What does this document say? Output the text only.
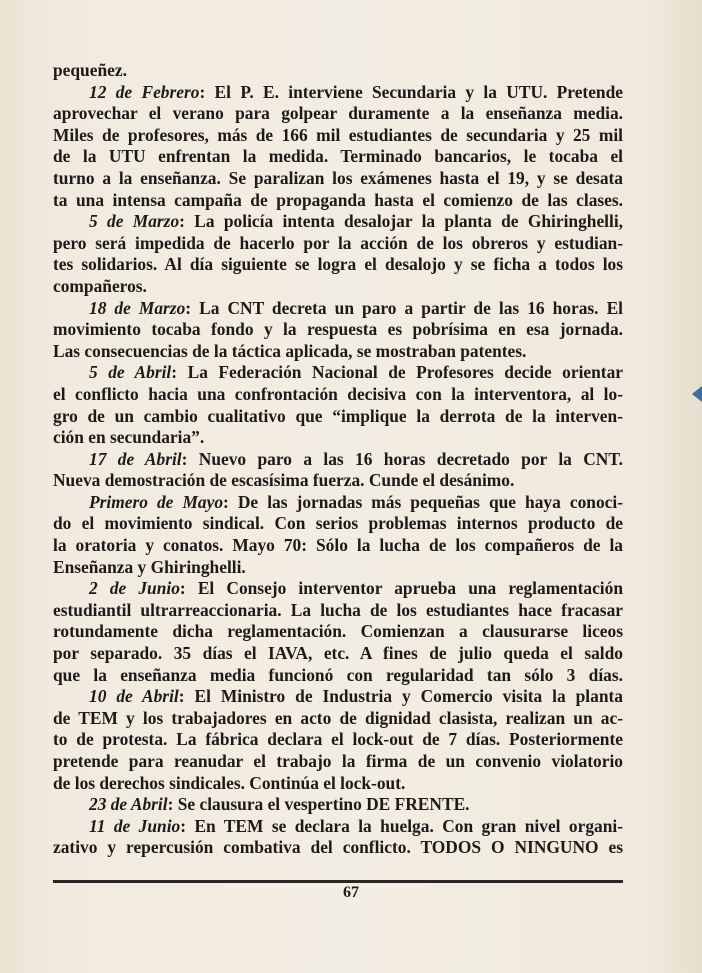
pequeñez.
12 de Febrero: El P. E. interviene Secundaria y la UTU. Pretende
aprovechar el verano para golpear duramente a la enseñanza media.
Miles de profesores, más de 166 mil estudiantes de secundaria y 25 mil
de la UTU enfrentan la medida. Terminado bancarios, le tocaba el
turno a la enseñanza. Se paralizan los exámenes hasta el 19, y se desata
ta una intensa campaña de propaganda hasta el comienzo de las clases.
5 de Marzo: La policía intenta desalojar la planta de Ghiringhelli,
pero será impedida de hacerlo por la acción de los obreros y estudian-
tes solidarios. Al día siguiente se logra el desalojo y se ficha a todos los
compañeros.
18 de Marzo: La CNT decreta un paro a partir de las 16 horas. El
movimiento tocaba fondo y la respuesta es pobrísima en esa jornada.
Las consecuencias de la táctica aplicada, se mostraban patentes.
5 de Abril: La Federación Nacional de Profesores decide orientar
el conflicto hacia una confrontación decisiva con la interventora, al lo-
gro de un cambio cualitativo que “implique la derrota de la interven-
ción en secundaria”.
17 de Abril: Nuevo paro a las 16 horas decretado por la CNT.
Nueva demostración de escasísima fuerza. Cunde el desánimo.
Primero de Mayo: De las jornadas más pequeñas que haya conoci-
do el movimiento sindical. Con serios problemas internos producto de
la oratoria y conatos. Mayo 70: Sólo la lucha de los compañeros de la
Enseñanza y Ghiringhelli.
2 de Junio: El Consejo interventor aprueba una reglamentación
estudiantil ultrarreaccionaria. La lucha de los estudiantes hace fracasar
rotundamente dicha reglamentación. Comienzan a clausurarse liceos
por separado. 35 días el IAVA, etc. A fines de julio queda el saldo
que la enseñanza media funcionó con regularidad tan sólo 3 días.
10 de Abril: El Ministro de Industria y Comercio visita la planta
de TEM y los trabajadores en acto de dignidad clasista, realizan un ac-
to de protesta. La fábrica declara el lock-out de 7 días. Posteriormente
pretende para reanudar el trabajo la firma de un convenio violatorio
de los derechos sindicales. Continúa el lock-out.
23 de Abril: Se clausura el vespertino DE FRENTE.
11 de Junio: En TEM se declara la huelga. Con gran nivel organi-
zativo y repercusión combativa del conflicto. TODOS O NINGUNO es
67
